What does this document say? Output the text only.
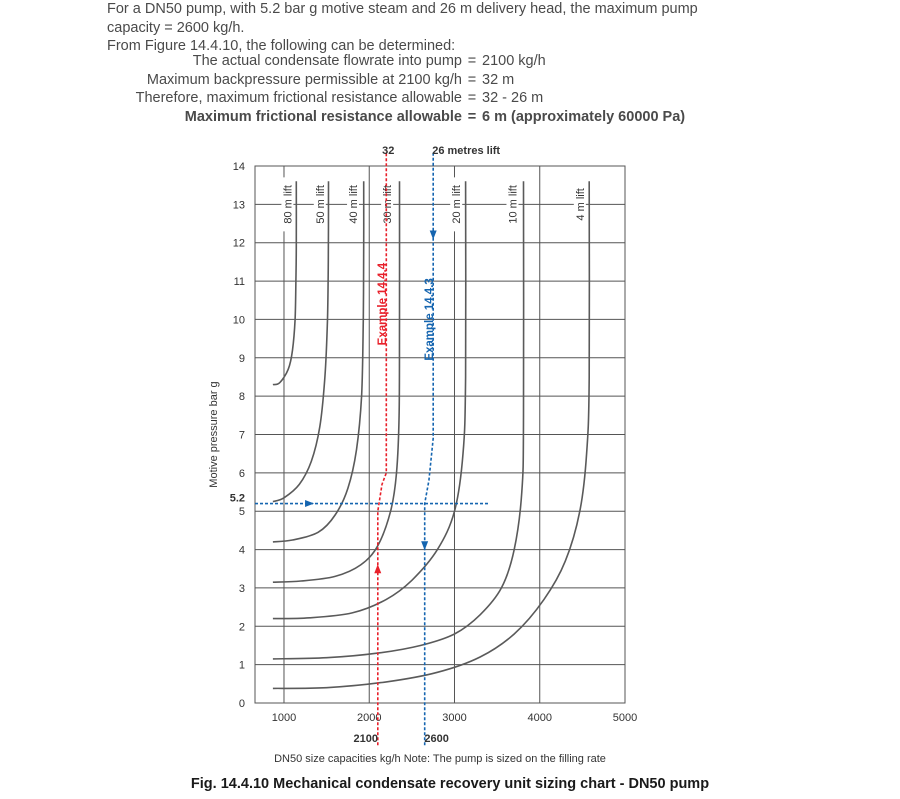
For a DN50 pump, with 5.2 bar g motive steam and 26 m delivery head, the maximum pump
capacity = 2600 kg/h.
From Figure 14.4.10, the following can be determined:
The actual condensate flowrate into pump	=	2100 kg/h
Maximum backpressure permissible at 2100 kg/h	=	32 m
Therefore, maximum frictional resistance allowable	=	32 - 26 m
Maximum frictional resistance allowable	=	6 m (approximately 60000 Pa)
0
1
2
3
4
5
6
7
8
9
10
11
12
13
14
1000	2000	3000	4000	5000
Motive pressure bar g
DN50 size capacities kg/h Note: The pump is sized on the filling rate
80 m lift 50 m lift 40 m lift 30 m lift	20 m lift	10 m lift	4 m lift
Example 14.4.4	Example 14.4.3
32	26 metres lift
2100	2600
5.2
Fig. 14.4.10 Mechanical condensate recovery unit sizing chart - DN50 pump
